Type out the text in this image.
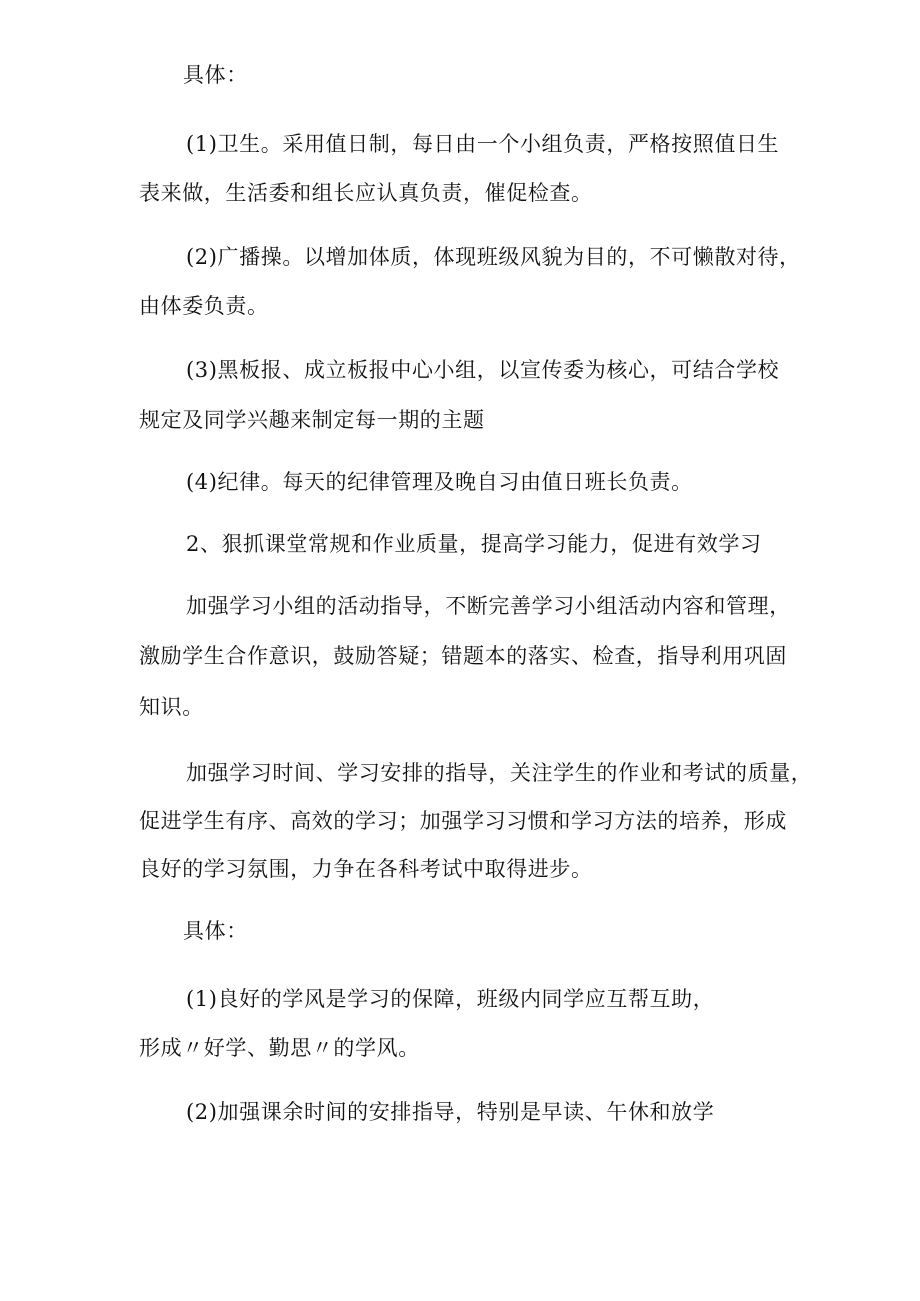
具体：

(1)卫生。采用值日制，每日由一个小组负责，严格按照值日生

表来做，生活委和组长应认真负责，催促检查。

(2)广播操。以增加体质，体现班级风貌为目的，不可懒散对待，

由体委负责。

(3)黑板报、成立板报中心小组，以宣传委为核心，可结合学校

规定及同学兴趣来制定每一期的主题

(4)纪律。每天的纪律管理及晚自习由值日班长负责。

2、狠抓课堂常规和作业质量，提高学习能力，促进有效学习

加强学习小组的活动指导，不断完善学习小组活动内容和管理，

激励学生合作意识，鼓励答疑；错题本的落实、检查，指导利用巩固

知识。

加强学习时间、学习安排的指导，关注学生的作业和考试的质量，

促进学生有序、高效的学习；加强学习习惯和学习方法的培养，形成

良好的学习氛围，力争在各科考试中取得进步。

具体：

(1)良好的学风是学习的保障，班级内同学应互帮互助，

形成〃好学、勤思〃的学风。

(2)加强课余时间的安排指导，特别是早读、午休和放学
